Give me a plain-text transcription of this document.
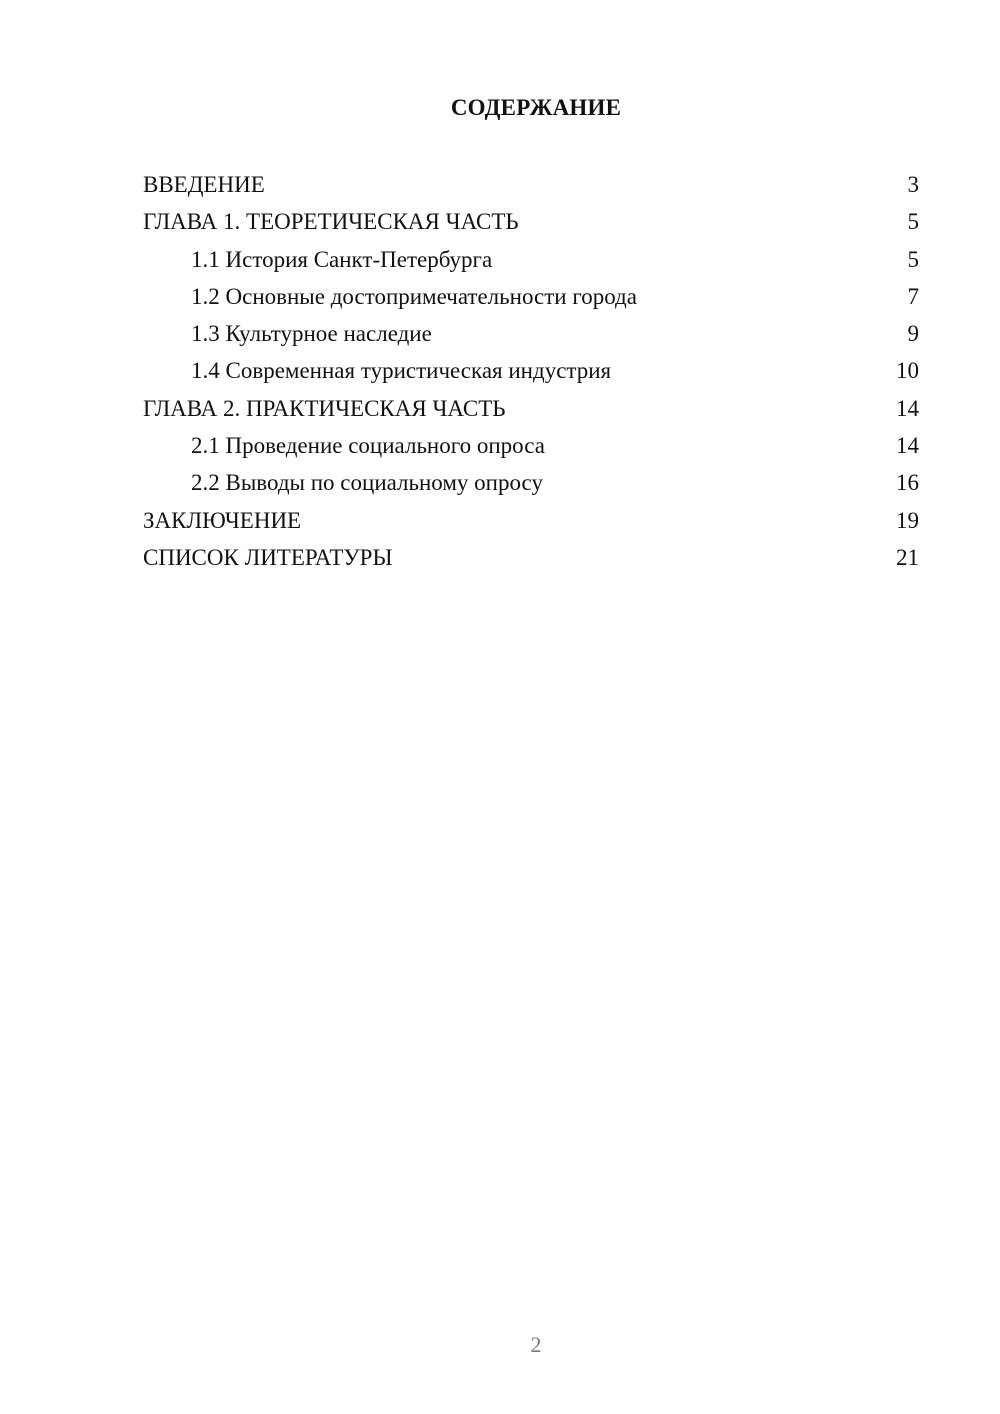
СОДЕРЖАНИЕ
ВВЕДЕНИЕ	3
ГЛАВА 1. ТЕОРЕТИЧЕСКАЯ ЧАСТЬ	5
1.1 История Санкт-Петербурга	5
1.2 Основные достопримечательности города	7
1.3 Культурное наследие	9
1.4 Современная туристическая индустрия	10
ГЛАВА 2. ПРАКТИЧЕСКАЯ ЧАСТЬ	14
2.1 Проведение социального опроса	14
2.2 Выводы по социальному опросу	16
ЗАКЛЮЧЕНИЕ	19
СПИСОК ЛИТЕРАТУРЫ	21
2
